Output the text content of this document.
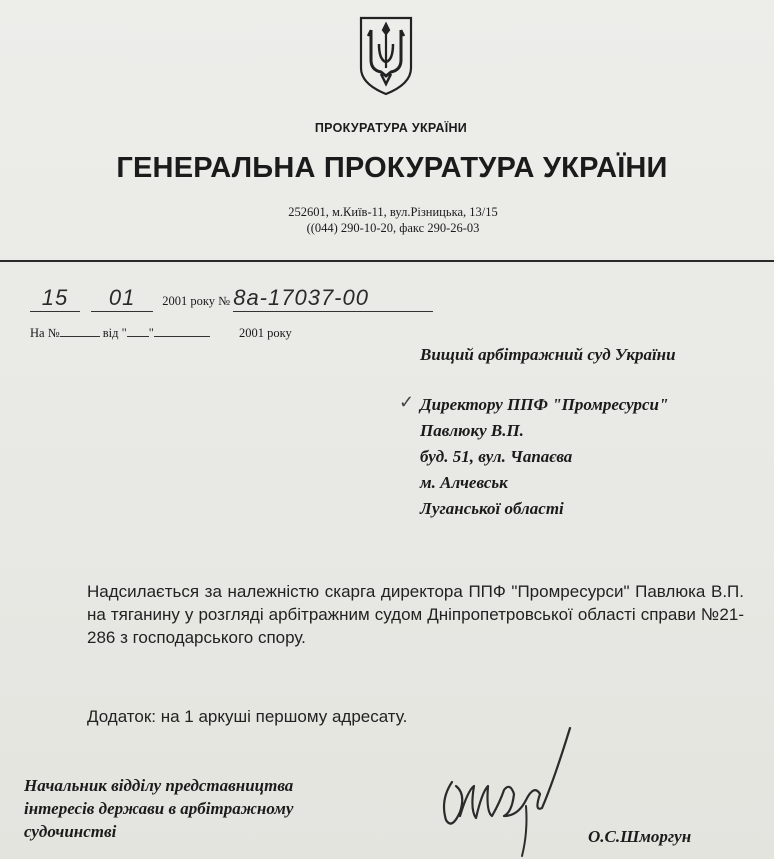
ПРОКУРАТУРА УКРАЇНИ
ГЕНЕРАЛЬНА ПРОКУРАТУРА УКРАЇНИ
252601, м.Київ-11, вул.Різницька, 13/15
((044) 290-10-20, факс 290-26-03
15 01 2001 року № 8а-17037-00
На №	від " "	2001 року
✓
Вищий арбітражний суд України
Директору ППФ "Промресурси"
Павлюку В.П.
буд. 51, вул. Чапаєва
м. Алчевськ
Луганської області
Надсилається за належністю скарга директора ППФ "Промресурси" Павлюка В.П. на тяганину у розгляді арбітражним судом Дніпропетровської області справи №21-286 з господарського спору.
Додаток: на 1 аркуші першому адресату.
Начальник відділу представництва
інтересів держави в арбітражному
судочинстві	О.С.Шморгун
